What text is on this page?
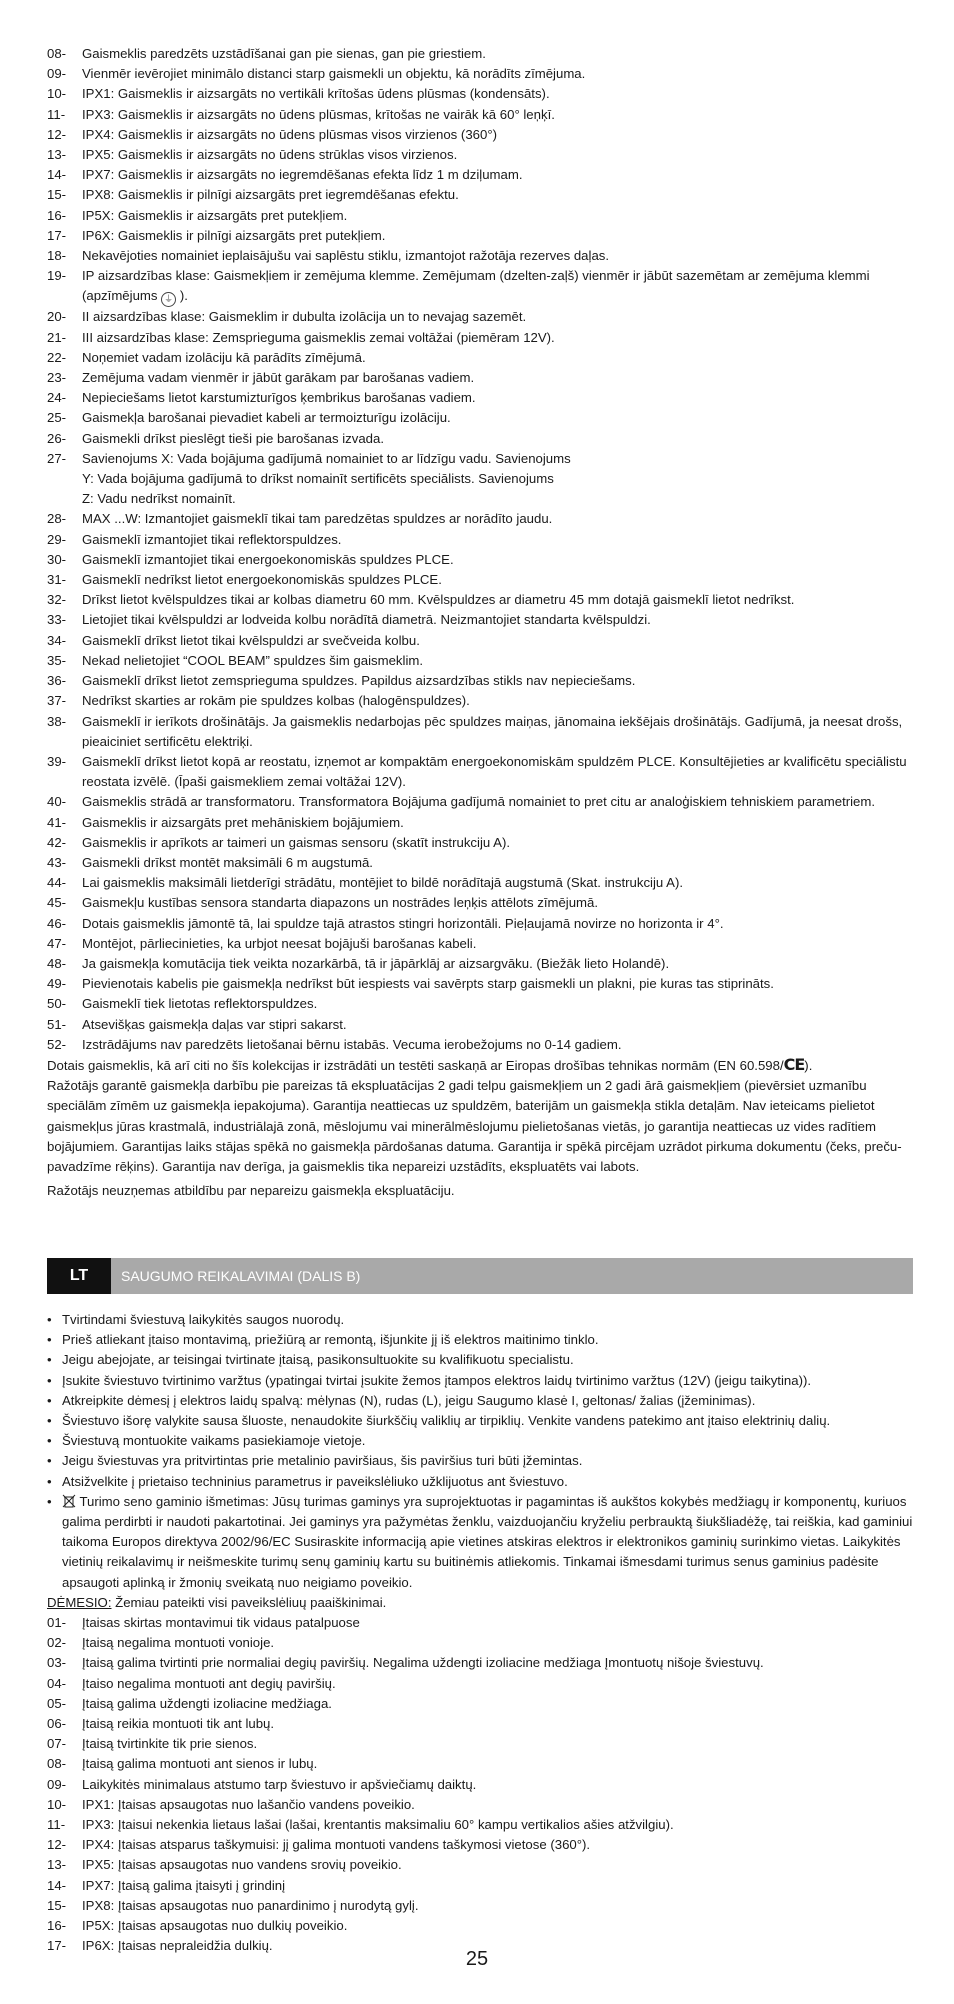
08-	Gaismeklis paredzēts uzstādīšanai gan pie sienas, gan pie griestiem.
09-	Vienmēr ievērojiet minimālo distanci starp gaismekli un objektu, kā norādīts zīmējuma.
10-	IPX1: Gaismeklis ir aizsargāts no vertikāli krītošas ūdens plūsmas (kondensāts).
11-	IPX3: Gaismeklis ir aizsargāts no ūdens plūsmas, krītošas ne vairāk kā 60° leņķī.
12-	IPX4: Gaismeklis ir aizsargāts no ūdens plūsmas visos virzienos (360°)
13-	IPX5: Gaismeklis ir aizsargāts no ūdens strūklas visos virzienos.
14-	IPX7: Gaismeklis ir aizsargāts no iegremdēšanas efekta līdz 1 m dziļumam.
15-	IPX8: Gaismeklis ir pilnīgi aizsargāts pret iegremdēšanas efektu.
16-	IP5X: Gaismeklis ir aizsargāts pret putekļiem.
17-	IP6X: Gaismeklis ir pilnīgi aizsargāts pret putekļiem.
18-	Nekavējoties nomainiet ieplaisājušu vai saplēstu stiklu, izmantojot ražotāja rezerves daļas.
19-	IP aizsardzības klase: Gaismekļiem ir zemējuma klemme. Zemējumam (dzelten-zaļš) vienmēr ir jābūt sazemētam ar zemējuma klemmi (apzīmējums ⏚ ).
20-	II aizsardzības klase: Gaismeklim ir dubulta izolācija un to nevajag sazemēt.
21-	III aizsardzības klase: Zemsprieguma gaismeklis zemai voltāžai (piemēram 12V).
22-	Noņemiet vadam izolāciju kā parādīts zīmējumā.
23-	Zemējuma vadam vienmēr ir jābūt garākam par barošanas vadiem.
24-	Nepieciešams lietot karstumizturīgos ķembrikus barošanas vadiem.
25-	Gaismekļa barošanai pievadiet kabeli ar termoizturīgu izolāciju.
26-	Gaismekli drīkst pieslēgt tieši pie barošanas izvada.
27-	Savienojums X: Vada bojājuma gadījumā nomainiet to ar līdzīgu vadu. Savienojums
Y: Vada bojājuma gadījumā to drīkst nomainīt sertificēts speciālists. Savienojums
Z: Vadu nedrīkst nomainīt.
28-	MAX ...W: Izmantojiet gaismeklī tikai tam paredzētas spuldzes ar norādīto jaudu.
29-	Gaismeklī izmantojiet tikai reflektorspuldzes.
30-	Gaismeklī izmantojiet tikai energoekonomiskās spuldzes PLCE.
31-	Gaismeklī nedrīkst lietot energoekonomiskās spuldzes PLCE.
32-	Drīkst lietot kvēlspuldzes tikai ar kolbas diametru 60 mm. Kvēlspuldzes ar diametru 45 mm dotajā gaismeklī lietot nedrīkst.
33-	Lietojiet tikai kvēlspuldzi ar lodveida kolbu norādītā diametrā. Neizmantojiet standarta kvēlspuldzi.
34-	Gaismeklī drīkst lietot tikai kvēlspuldzi ar svečveida kolbu.
35-	Nekad nelietojiet “COOL BEAM” spuldzes šim gaismeklim.
36-	Gaismeklī drīkst lietot zemsprieguma spuldzes. Papildus aizsardzības stikls nav nepieciešams.
37-	Nedrīkst skarties ar rokām pie spuldzes kolbas (halogēnspuldzes).
38-	Gaismeklī ir ierīkots drošinātājs. Ja gaismeklis nedarbojas pēc spuldzes maiņas, jānomaina iekšējais drošinātājs. Gadījumā, ja neesat drošs, pieaiciniet sertificētu elektriķi.
39-	Gaismeklī drīkst lietot kopā ar reostatu, izņemot ar kompaktām energoekonomiskām spuldzēm PLCE. Konsultējieties ar kvalificētu speciālistu reostata izvēlē. (Īpaši gaismekliem zemai voltāžai 12V).
40-	Gaismeklis strādā ar transformatoru. Transformatora Bojājuma gadījumā nomainiet to pret citu ar analoģiskiem tehniskiem parametriem.
41-	Gaismeklis ir aizsargāts pret mehāniskiem bojājumiem.
42-	Gaismeklis ir aprīkots ar taimeri un gaismas sensoru (skatīt instrukciju A).
43-	Gaismekli drīkst montēt maksimāli 6 m augstumā.
44-	Lai gaismeklis maksimāli lietderīgi strādātu, montējiet to bildē norādītajā augstumā (Skat. instrukciju A).
45-	Gaismekļu kustības sensora standarta diapazons un nostrādes leņķis attēlots zīmējumā.
46-	Dotais gaismeklis jāmontē tā, lai spuldze tajā atrastos stingri horizontāli. Pieļaujamā novirze no horizonta ir 4°.
47-	Montējot, pārliecinieties, ka urbjot neesat bojājuši barošanas kabeli.
48-	Ja gaismekļa komutācija tiek veikta nozarkārbā, tā ir jāpārklāj ar aizsargvāku. (Biežāk lieto Holandē).
49-	Pievienotais kabelis pie gaismekļa nedrīkst būt iespiests vai savērpts starp gaismekli un plakni, pie kuras tas stiprināts.
50-	Gaismeklī tiek lietotas reflektorspuldzes.
51-	Atsevišķas gaismekļa daļas var stipri sakarst.
52-	Izstrādājums nav paredzēts lietošanai bērnu istabās. Vecuma ierobežojums no 0-14 gadiem.
Dotais gaismeklis, kā arī citi no šīs kolekcijas ir izstrādāti un testēti saskaņā ar Eiropas drošības tehnikas normām (EN 60.598/CE).
Ražotājs garantē gaismekļa darbību pie pareizas tā ekspluatācijas 2 gadi telpu gaismekļiem un 2 gadi ārā gaismekļiem (pievērsiet uzmanību speciālām zīmēm uz gaismekļa iepakojuma). Garantija neattiecas uz spuldzēm, baterijām un gaismekļa stikla detaļām. Nav ieteicams pielietot gaismekļus jūras krastmalā, industriālajā zonā, mēslojumu vai minerālmēslojumu pielietošanas vietās, jo garantija neattiecas uz vides radītiem bojājumiem. Garantijas laiks stājas spēkā no gaismekļa pārdošanas datuma. Garantija ir spēkā pircējam uzrādot pirkuma dokumentu (čeks, preču-pavadzīme rēķins). Garantija nav derīga, ja gaismeklis tika nepareizi uzstādīts, ekspluatēts vai labots.
Ražotājs neuzņemas atbildību par nepareizu gaismekļa ekspluatāciju.
LT	SAUGUMO REIKALAVIMAI (DALIS B)
• Tvirtindami šviestuvą laikykitės saugos nuorodų.
• Prieš atliekant įtaiso montavimą, priežiūrą ar remontą, išjunkite jį iš elektros maitinimo tinklo.
• Jeigu abejojate, ar teisingai tvirtinate įtaisą, pasikonsultuokite su kvalifikuotu specialistu.
• Įsukite šviestuvo tvirtinimo varžtus (ypatingai tvirtai įsukite žemos įtampos elektros laidų tvirtinimo varžtus (12V) (jeigu taikytina)).
• Atkreipkite dėmesį į elektros laidų spalvą: mėlynas (N), rudas (L), jeigu Saugumo klasė I, geltonas/ žalias (įžeminimas).
• Šviestuvo išorę valykite sausa šluoste, nenaudokite šiurkščių valiklių ar tirpiklių. Venkite vandens patekimo ant įtaiso elektrinių dalių.
• Šviestuvą montuokite vaikams pasiekiamoje vietoje.
• Jeigu šviestuvas yra pritvirtintas prie metalinio paviršiaus, šis paviršius turi būti įžemintas.
• Atsižvelkite į prietaiso techninius parametrus ir paveikslėliuko užklijuotus ant šviestuvo.
•	Turimo seno gaminio išmetimas: Jūsų turimas gaminys yra suprojektuotas ir pagamintas iš aukštos kokybės medžiagų ir komponentų, kuriuos galima perdirbti ir naudoti pakartotinai. Jei gaminys yra pažymėtas ženklu, vaizduojančiu kryželiu perbrauktą šiukšliadėžę, tai reiškia, kad gaminiui taikoma Europos direktyva 2002/96/EC Susiraskite informaciją apie vietines atskiras elektros ir elektronikos gaminių surinkimo vietas. Laikykitės vietinių reikalavimų ir neišmeskite turimų senų gaminių kartu su buitinėmis atliekomis. Tinkamai išmesdami turimus senus gaminius padėsite apsaugoti aplinką ir žmonių sveikatą nuo neigiamo poveikio.
DĖMESIO: Žemiau pateikti visi paveikslėliuų paaiškinimai.
01-	Įtaisas skirtas montavimui tik vidaus patalpuose
02-	Įtaisą negalima montuoti vonioje.
03-	Įtaisą galima tvirtinti prie normaliai degių paviršių. Negalima uždengti izoliacine medžiaga Įmontuotų nišoje šviestuvų.
04-	Įtaiso negalima montuoti ant degių paviršių.
05-	Įtaisą galima uždengti izoliacine medžiaga.
06-	Įtaisą reikia montuoti tik ant lubų.
07-	Įtaisą tvirtinkite tik prie sienos.
08-	Įtaisą galima montuoti ant sienos ir lubų.
09-	Laikykitės minimalaus atstumo tarp šviestuvo ir apšviečiamų daiktų.
10-	IPX1: Įtaisas apsaugotas nuo lašančio vandens poveikio.
11-	IPX3: Įtaisui nekenkia lietaus lašai (lašai, krentantis maksimaliu 60° kampu vertikalios ašies atžvilgiu).
12-	IPX4: Įtaisas atsparus taškymuisi: jį galima montuoti vandens taškymosi vietose (360°).
13-	IPX5: Įtaisas apsaugotas nuo vandens srovių poveikio.
14-	IPX7: Įtaisą galima įtaisyti į grindinį
15-	IPX8: Įtaisas apsaugotas nuo panardinimo į nurodytą gylį.
16-	IP5X: Įtaisas apsaugotas nuo dulkių poveikio.
17-	IP6X: Įtaisas nepraleidžia dulkių.
25
